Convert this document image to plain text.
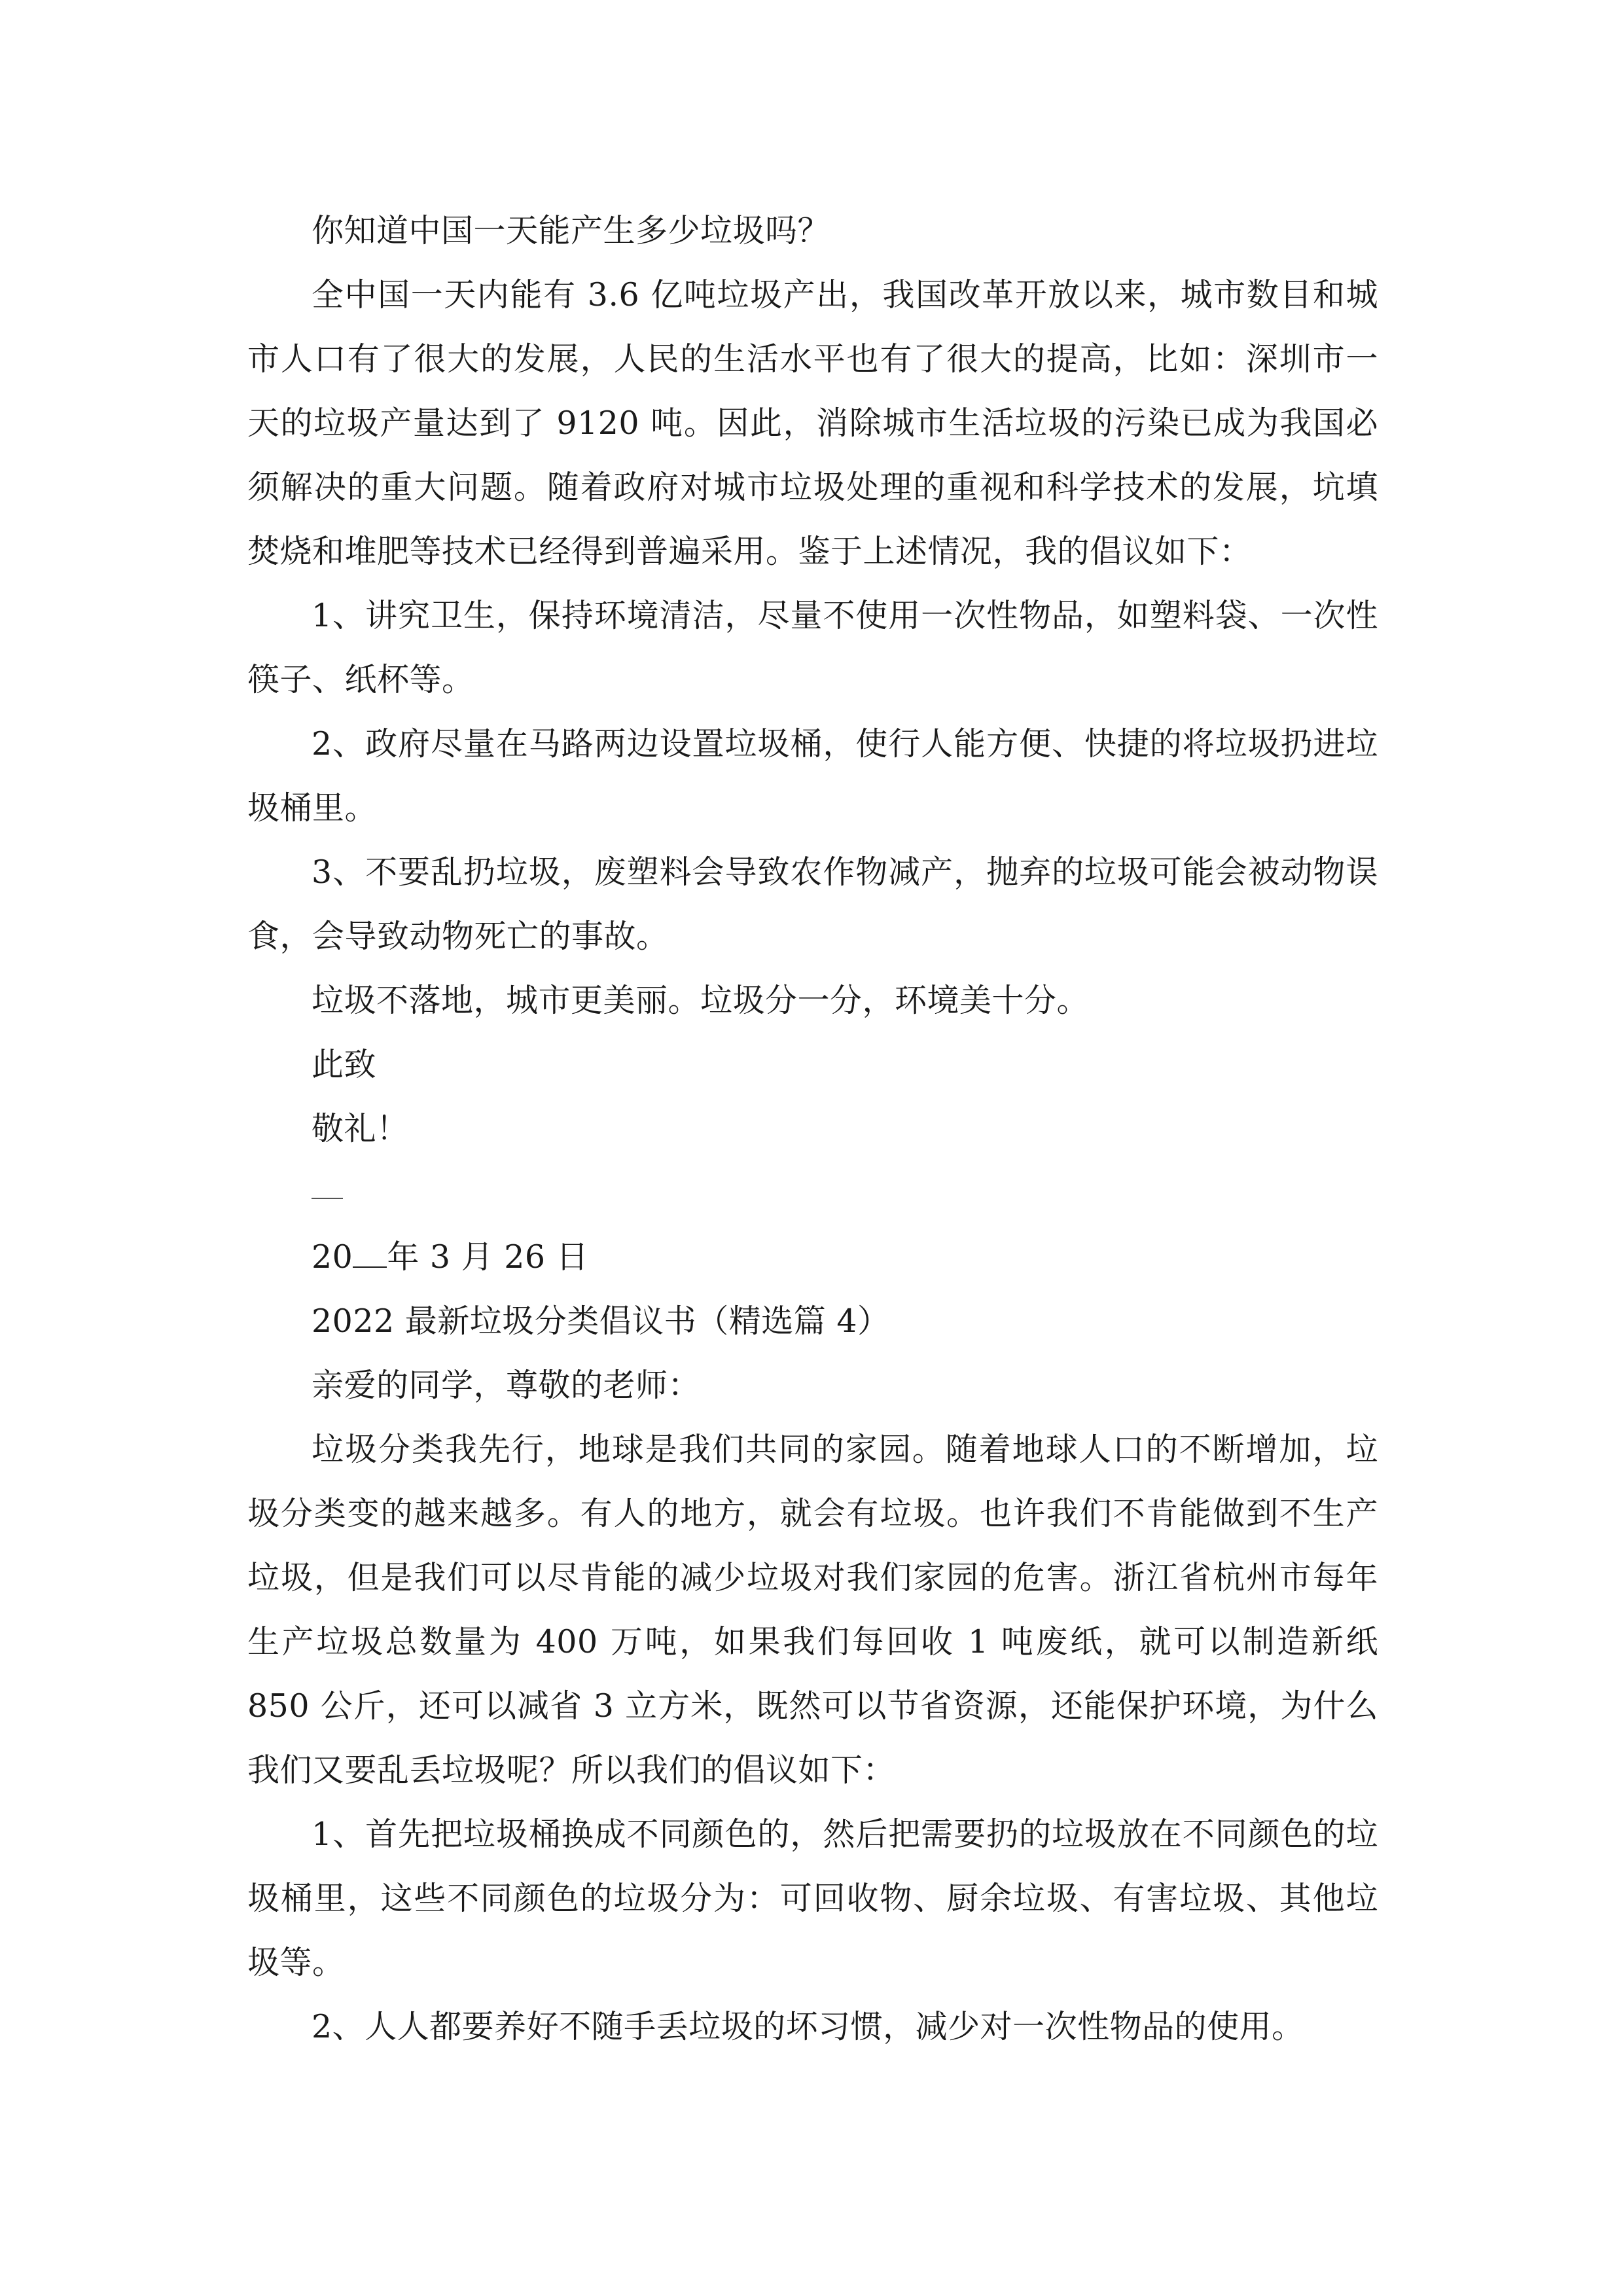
你知道中国一天能产生多少垃圾吗？

全中国一天内能有 3.6 亿吨垃圾产出，我国改革开放以来，城市数目和城市人口有了很大的发展，人民的生活水平也有了很大的提高，比如：深圳市一天的垃圾产量达到了 9120 吨。因此，消除城市生活垃圾的污染已成为我国必须解决的重大问题。随着政府对城市垃圾处理的重视和科学技术的发展，坑填焚烧和堆肥等技术已经得到普遍采用。鉴于上述情况，我的倡议如下：

1、讲究卫生，保持环境清洁，尽量不使用一次性物品，如塑料袋、一次性筷子、纸杯等。

2、政府尽量在马路两边设置垃圾桶，使行人能方便、快捷的将垃圾扔进垃圾桶里。

3、不要乱扔垃圾，废塑料会导致农作物减产，抛弃的垃圾可能会被动物误食，会导致动物死亡的事故。

垃圾不落地，城市更美丽。垃圾分一分，环境美十分。

此致

敬礼！

20 年 3 月 26 日

2022 最新垃圾分类倡议书（精选篇 4）

亲爱的同学，尊敬的老师：

垃圾分类我先行，地球是我们共同的家园。随着地球人口的不断增加，垃圾分类变的越来越多。有人的地方，就会有垃圾。也许我们不肯能做到不生产垃圾，但是我们可以尽肯能的减少垃圾对我们家园的危害。浙江省杭州市每年生产垃圾总数量为 400 万吨，如果我们每回收 1 吨废纸，就可以制造新纸 850 公斤，还可以减省 3 立方米，既然可以节省资源，还能保护环境，为什么我们又要乱丢垃圾呢？所以我们的倡议如下：

1、首先把垃圾桶换成不同颜色的，然后把需要扔的垃圾放在不同颜色的垃圾桶里，这些不同颜色的垃圾分为：可回收物、厨余垃圾、有害垃圾、其他垃圾等。

2、人人都要养好不随手丢垃圾的坏习惯，减少对一次性物品的使用。
